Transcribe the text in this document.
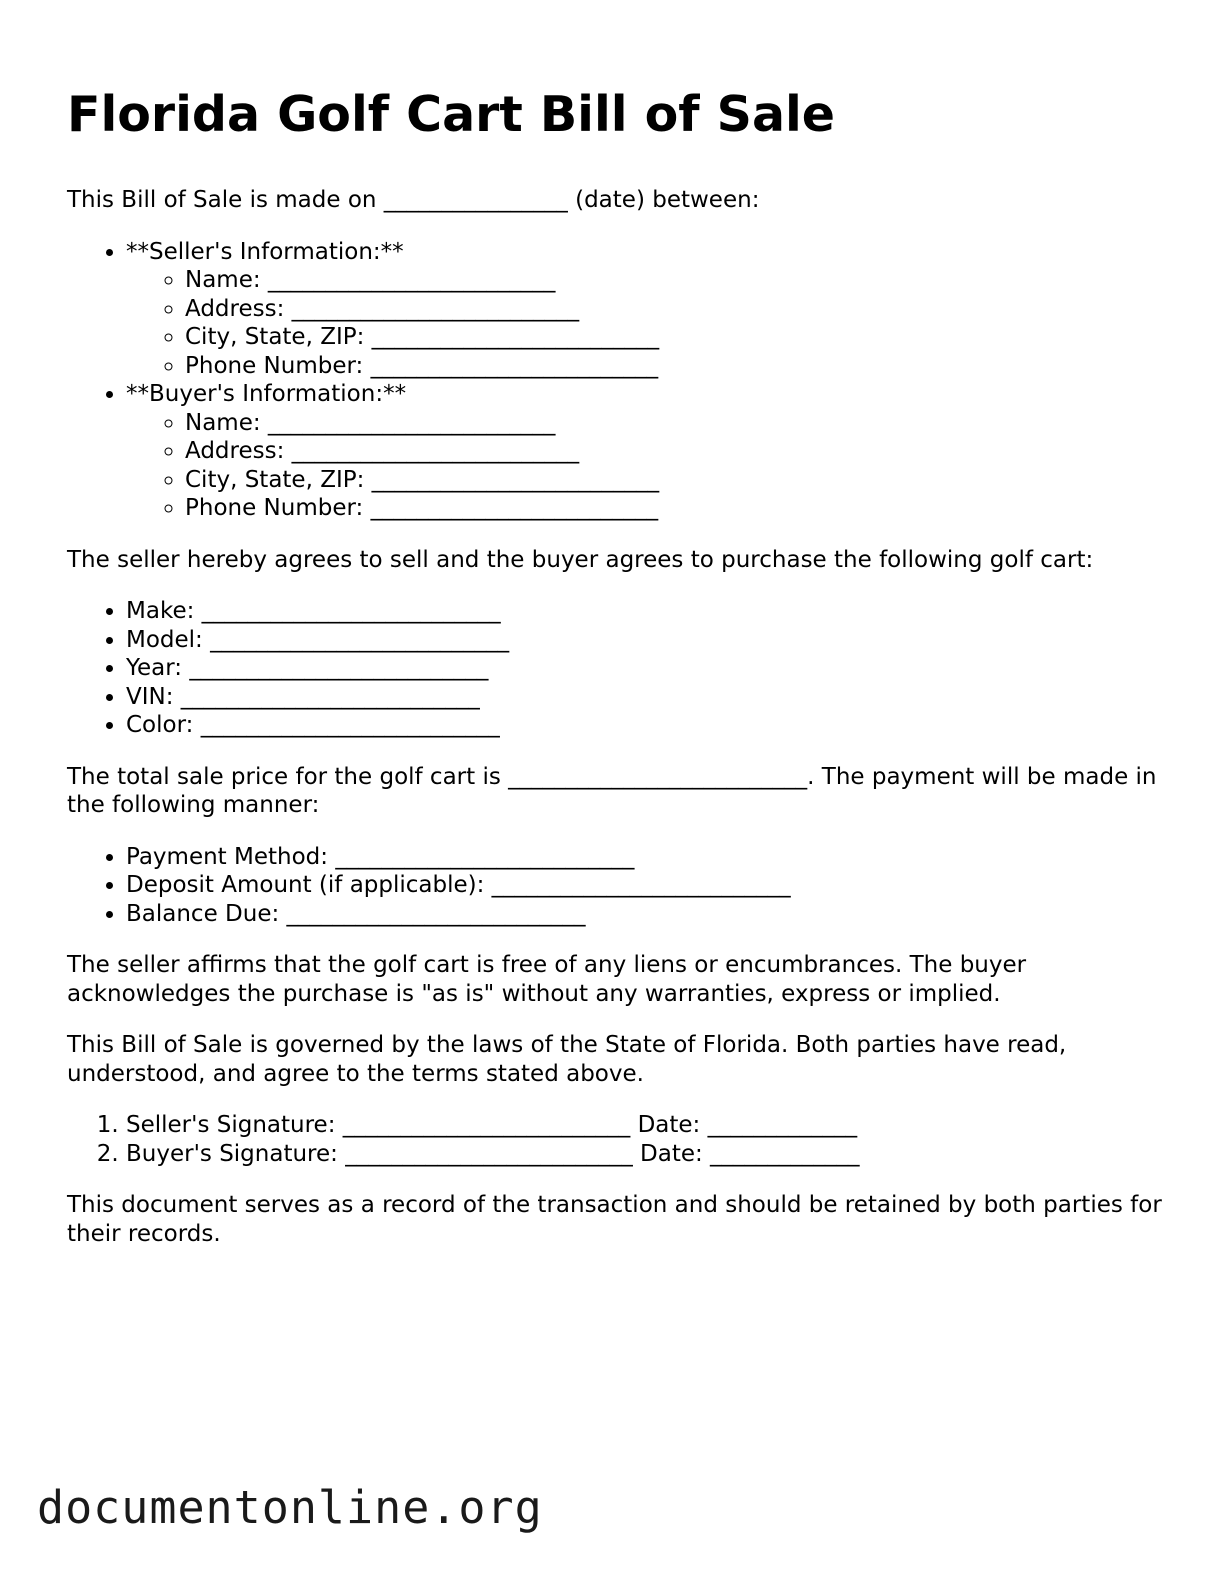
Florida Golf Cart Bill of Sale

This Bill of Sale is made on ________________ (date) between:

• **Seller's Information:**
◦ Name: _________________________
◦ Address: _________________________
◦ City, State, ZIP: _________________________
◦ Phone Number: _________________________
• **Buyer's Information:**
◦ Name: _________________________
◦ Address: _________________________
◦ City, State, ZIP: _________________________
◦ Phone Number: _________________________

The seller hereby agrees to sell and the buyer agrees to purchase the following golf cart:

• Make: __________________________
• Model: __________________________
• Year: __________________________
• VIN: __________________________
• Color: __________________________

The total sale price for the golf cart is __________________________. The payment will be made in the following manner:

• Payment Method: __________________________
• Deposit Amount (if applicable): __________________________
• Balance Due: __________________________

The seller affirms that the golf cart is free of any liens or encumbrances. The buyer acknowledges the purchase is "as is" without any warranties, express or implied.

This Bill of Sale is governed by the laws of the State of Florida. Both parties have read, understood, and agree to the terms stated above.

1. Seller's Signature: _________________________ Date: _____________
2. Buyer's Signature: _________________________ Date: _____________

This document serves as a record of the transaction and should be retained by both parties for their records.

documentonline.org
